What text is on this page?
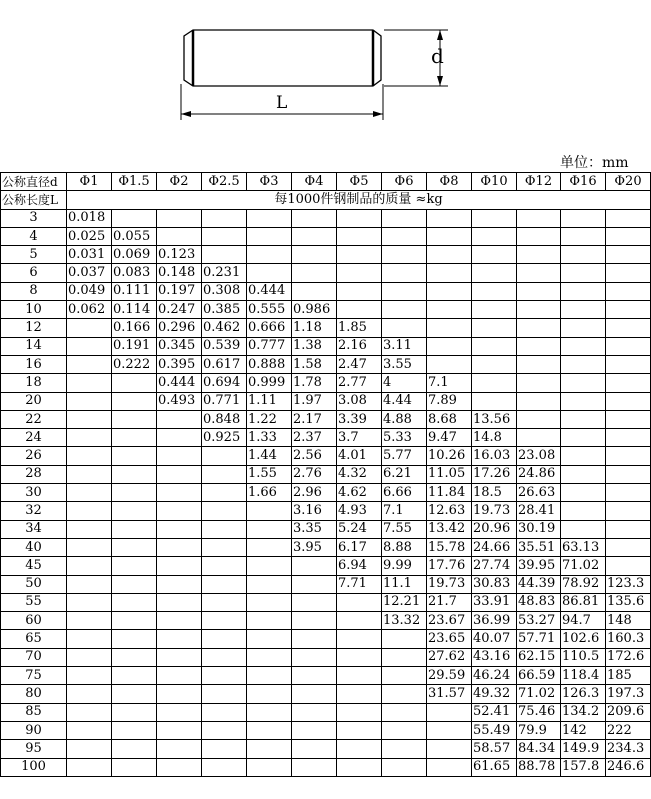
d
L
单位：mm
公称直径d	Φ1	Φ1.5	Φ2	Φ2.5	Φ3	Φ4	Φ5	Φ6	Φ8	Φ10	Φ12	Φ16	Φ20
公称长度L	每1000件钢制品的质量 ≈kg												
3	0.018												
4	0.025	0.055											
5	0.031	0.069	0.123										
6	0.037	0.083	0.148	0.231									
8	0.049	0.111	0.197	0.308	0.444								
10	0.062	0.114	0.247	0.385	0.555	0.986							
12		0.166	0.296	0.462	0.666	1.18	1.85						
14		0.191	0.345	0.539	0.777	1.38	2.16	3.11					
16		0.222	0.395	0.617	0.888	1.58	2.47	3.55					
18			0.444	0.694	0.999	1.78	2.77	4	7.1				
20			0.493	0.771	1.11	1.97	3.08	4.44	7.89				
22				0.848	1.22	2.17	3.39	4.88	8.68	13.56			
24				0.925	1.33	2.37	3.7	5.33	9.47	14.8			
26					1.44	2.56	4.01	5.77	10.26	16.03	23.08		
28					1.55	2.76	4.32	6.21	11.05	17.26	24.86		
30					1.66	2.96	4.62	6.66	11.84	18.5	26.63		
32						3.16	4.93	7.1	12.63	19.73	28.41		
34						3.35	5.24	7.55	13.42	20.96	30.19		
40						3.95	6.17	8.88	15.78	24.66	35.51	63.13	
45							6.94	9.99	17.76	27.74	39.95	71.02	
50							7.71	11.1	19.73	30.83	44.39	78.92	123.3
55								12.21	21.7	33.91	48.83	86.81	135.6
60								13.32	23.67	36.99	53.27	94.7	148
65									23.65	40.07	57.71	102.6	160.3
70									27.62	43.16	62.15	110.5	172.6
75									29.59	46.24	66.59	118.4	185
80									31.57	49.32	71.02	126.3	197.3
85										52.41	75.46	134.2	209.6
90										55.49	79.9	142	222
95										58.57	84.34	149.9	234.3
100										61.65	88.78	157.8	246.6
